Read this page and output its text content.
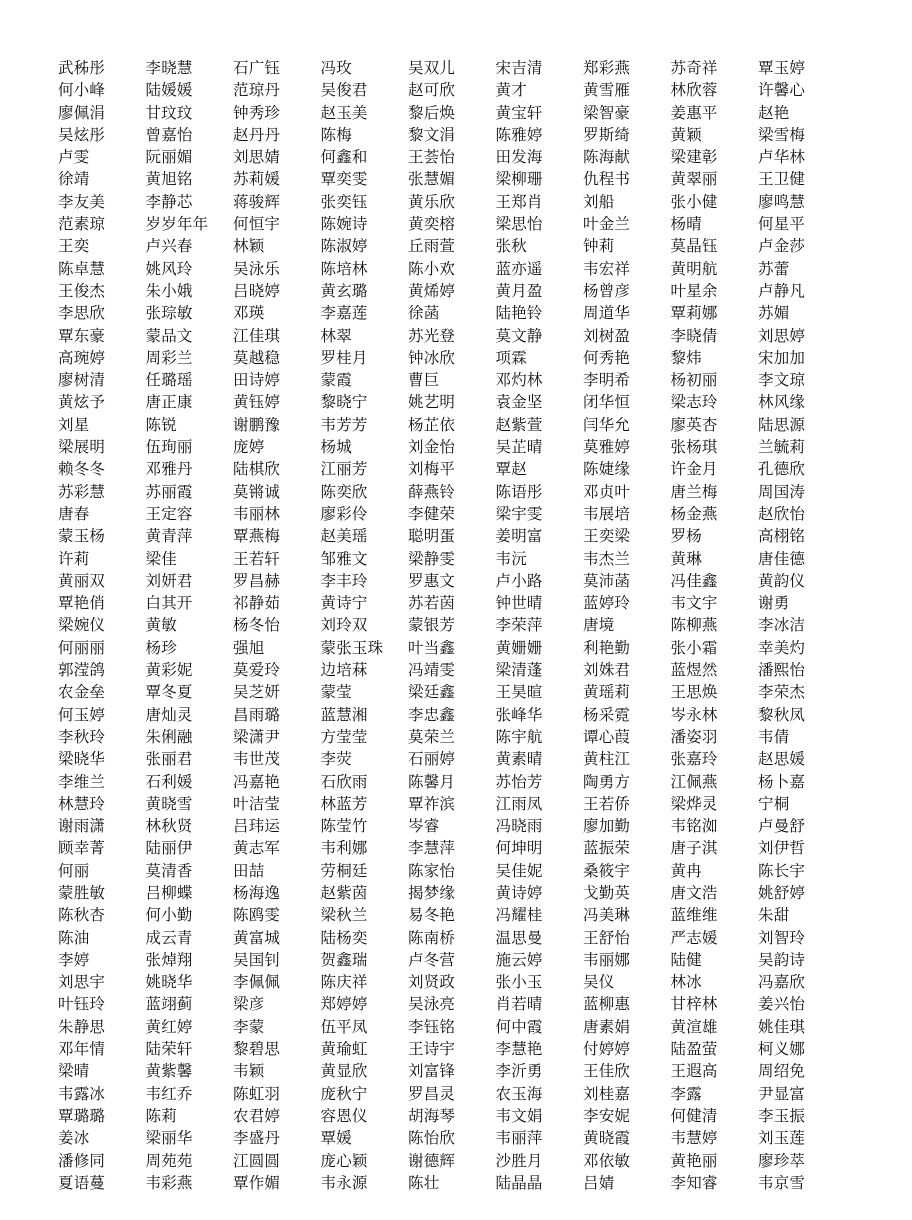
武秭彤	李晓慧	石广钰	冯玫	吴双儿	宋吉清	郑彩燕	苏奇祥	覃玉婷
何小峰	陆媛媛	范琼丹	吴俊君	赵可欣	黄才	黄雪雁	林欣蓉	许馨心
廖佩涓	甘玟玟	钟秀珍	赵玉美	黎后焕	黄宝轩	梁智豪	姜惠平	赵艳
吴炫彤	曾嘉怡	赵丹丹	陈梅	黎文涓	陈雅婷	罗斯绮	黄颖	梁雪梅
卢雯	阮丽媚	刘思婧	何鑫和	王荟怡	田发海	陈海献	梁建彰	卢华林
徐靖	黄旭铭	苏莉媛	覃奕雯	张慧媚	梁柳珊	仇程书	黄翠丽	王卫健
李友美	李静芯	蒋骏辉	张奕钰	黄乐欣	王郑肖	刘船	张小健	廖鸣慧
范素琼	岁岁年年	何恒宇	陈婉诗	黄奕榕	梁思怡	叶金兰	杨晴	何星平
王奕	卢兴春	林颖	陈淑婷	丘雨萱	张秋	钟莉	莫晶钰	卢金莎
陈卓慧	姚风玲	吴泳乐	陈培林	陈小欢	蓝亦遥	韦宏祥	黄明航	苏蕾
王俊杰	朱小娥	吕晓婷	黄玄璐	黄烯婷	黄月盈	杨曾彦	叶星余	卢静凡
李思欣	张琮敏	邓瑛	李嘉莲	徐菡	陆艳铃	周道华	覃莉娜	苏媚
覃东豪	蒙品文	江佳琪	林翠	苏光登	莫文静	刘树盈	李晓倩	刘思婷
高琬婷	周彩兰	莫越稳	罗桂月	钟冰欣	项霖	何秀艳	黎炜	宋加加
廖树清	任璐瑶	田诗婷	蒙霞	曹巨	邓灼林	李明希	杨初丽	李文琼
黄炫予	唐正康	黄钰婷	黎晓宁	姚艺明	袁金坚	闭华恒	梁志玲	林风缘
刘星	陈锐	谢鹏豫	韦芳芳	杨芷依	赵紫萱	闫华允	廖英杏	陆思源
梁展明	伍珣丽	庞婷	杨城	刘金怡	吴芷晴	莫雅婷	张杨琪	兰毓莉
赖冬冬	邓雅丹	陆棋欣	江丽芳	刘梅平	覃赵	陈婕缘	许金月	孔德欣
苏彩慧	苏丽霞	莫锵诚	陈奕欣	薛燕铃	陈语彤	邓贞叶	唐兰梅	周国涛
唐春	王定容	韦丽林	廖彩伶	李健荣	梁宇雯	韦展培	杨金燕	赵欣怡
蒙玉杨	黄青萍	覃燕梅	赵美瑶	聪明蛋	姜明富	王奕梁	罗杨	高栩铭
许莉	梁佳	王若轩	邹雅文	梁静雯	韦沅	韦杰兰	黄琳	唐佳德
黄丽双	刘妍君	罗昌赫	李丰玲	罗惠文	卢小路	莫沛菡	冯佳鑫	黄韵仪
覃艳俏	白其开	祁静茹	黄诗宁	苏若茵	钟世晴	蓝婷玲	韦文宇	谢勇
梁婉仪	黄敏	杨冬怡	刘玲双	蒙银芳	李荣萍	唐境	陈柳燕	李冰洁
何丽丽	杨珍	强旭	蒙张玉珠	叶当鑫	黄姗姗	利艳勤	张小霜	幸美灼
郭滢鸽	黄彩妮	莫爱玲	边培菻	冯靖雯	梁清蓬	刘姝君	蓝煜然	潘熙怡
农金垒	覃冬夏	吴芝妍	蒙莹	梁廷鑫	王昊暄	黄瑶莉	王思焕	李荣杰
何玉婷	唐灿灵	昌雨璐	蓝慧湘	李忠鑫	张峰华	杨采霓	岑永林	黎秋凤
李秋玲	朱俐融	梁潇尹	方莹莹	莫荣兰	陈宇航	谭心葭	潘姿羽	韦倩
梁晓华	张丽君	韦世茂	李荧	石丽婷	黄素晴	黄柱江	张嘉玲	赵思媛
李维兰	石利媛	冯嘉艳	石欣雨	陈馨月	苏怡芳	陶勇方	江佩燕	杨卜嘉
林慧玲	黄晓雪	叶洁莹	林蓝芳	覃祚滨	江雨凤	王若侨	梁烨灵	宁桐
谢雨潇	林秋贤	吕玮运	陈莹竹	岑睿	冯晓雨	廖加勤	韦铭洳	卢曼舒
顾幸菁	陆丽伊	黄志军	韦利娜	李慧萍	何坤明	蓝振荣	唐子淇	刘伊哲
何丽	莫清香	田喆	劳桐廷	陈家怡	吴佳妮	桑筱宇	黄冉	陈长宇
蒙胜敏	吕柳蝶	杨海逸	赵紫茵	揭梦缘	黄诗婷	戈勤英	唐文浩	姚舒婷
陈秋杏	何小勤	陈鸥雯	梁秋兰	易冬艳	冯耀桂	冯美琳	蓝维维	朱甜
陈油	成云青	黄富城	陆杨奕	陈南桥	温思曼	王舒怡	严志媛	刘智玲
李婷	张焯翔	吴国钊	贺鑫瑞	卢冬营	施云婷	韦丽娜	陆健	吴韵诗
刘思宇	姚晓华	李佩佩	陈庆祥	刘贤政	张小玉	吴仪	林冰	冯嘉欣
叶钰玲	蓝翊蓟	梁彦	郑婷婷	吴泳亮	肖若晴	蓝柳惠	甘梓林	姜兴怡
朱静思	黄红婷	李蒙	伍平凤	李钰铭	何中霞	唐素娟	黄渲雄	姚佳琪
邓年情	陆荣轩	黎碧思	黄瑜虹	王诗宇	李慧艳	付婷婷	陆盈萤	柯义娜
梁晴	黄紫馨	韦颖	黄显欣	刘富锋	李沂勇	王佳欣	王遐高	周绍免
韦露冰	韦红乔	陈虹羽	庞秋宁	罗昌灵	农玉海	刘桂嘉	李露	尹显富
覃璐璐	陈莉	农君婷	容恩仪	胡海琴	韦文娟	李安妮	何健清	李玉振
姜冰	梁丽华	李盛丹	覃媛	陈怡欣	韦丽萍	黄晓霞	韦慧婷	刘玉莲
潘修同	周苑苑	江圆圆	庞心颖	谢德辉	沙胜月	邓依敏	黄艳丽	廖珍萃
夏语蔓	韦彩燕	覃作媚	韦永源	陈壮	陆晶晶	吕婧	李知睿	韦京雪
